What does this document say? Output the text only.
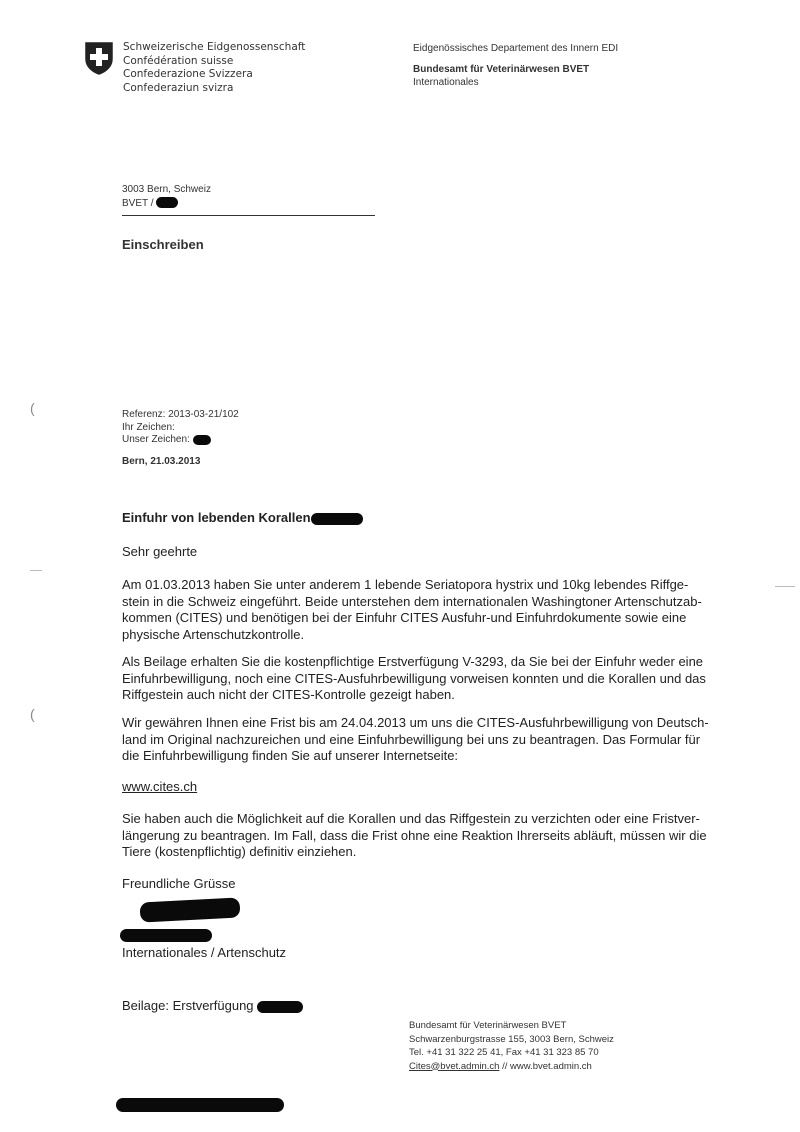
Schweizerische Eidgenossenschaft
Confédération suisse
Confederazione Svizzera
Confederaziun svizra
Eidgenössisches Departement des Innern EDI
Bundesamt für Veterinärwesen BVET
Internationales
3003 Bern, Schweiz
BVET /
Einschreiben
(
(
Referenz: 2013-03-21/102
Ihr Zeichen:
Unser Zeichen:
Bern, 21.03.2013
Einfuhr von lebenden Korallen
Sehr geehrte
Am 01.03.2013 haben Sie unter anderem 1 lebende Seriatopora hystrix und 10kg lebendes Riffge-
stein in die Schweiz eingeführt. Beide unterstehen dem internationalen Washingtoner Artenschutzab-
kommen (CITES) und benötigen bei der Einfuhr CITES Ausfuhr-und Einfuhrdokumente sowie eine
physische Artenschutzkontrolle.
Als Beilage erhalten Sie die kostenpflichtige Erstverfügung V-3293, da Sie bei der Einfuhr weder eine
Einfuhrbewilligung, noch eine CITES-Ausfuhrbewilligung vorweisen konnten und die Korallen und das
Riffgestein auch nicht der CITES-Kontrolle gezeigt haben.
Wir gewähren Ihnen eine Frist bis am 24.04.2013 um uns die CITES-Ausfuhrbewilligung von Deutsch-
land im Original nachzureichen und eine Einfuhrbewilligung bei uns zu beantragen. Das Formular für
die Einfuhrbewilligung finden Sie auf unserer Internetseite:
www.cites.ch
Sie haben auch die Möglichkeit auf die Korallen und das Riffgestein zu verzichten oder eine Fristver-
längerung zu beantragen. Im Fall, dass die Frist ohne eine Reaktion Ihrerseits abläuft, müssen wir die
Tiere (kostenpflichtig) definitiv einziehen.
Freundliche Grüsse
Internationales / Artenschutz
Beilage: Erstverfügung
Bundesamt für Veterinärwesen BVET
Schwarzenburgstrasse 155, 3003 Bern, Schweiz
Tel. +41 31 322 25 41, Fax +41 31 323 85 70
Cites@bvet.admin.ch // www.bvet.admin.ch
